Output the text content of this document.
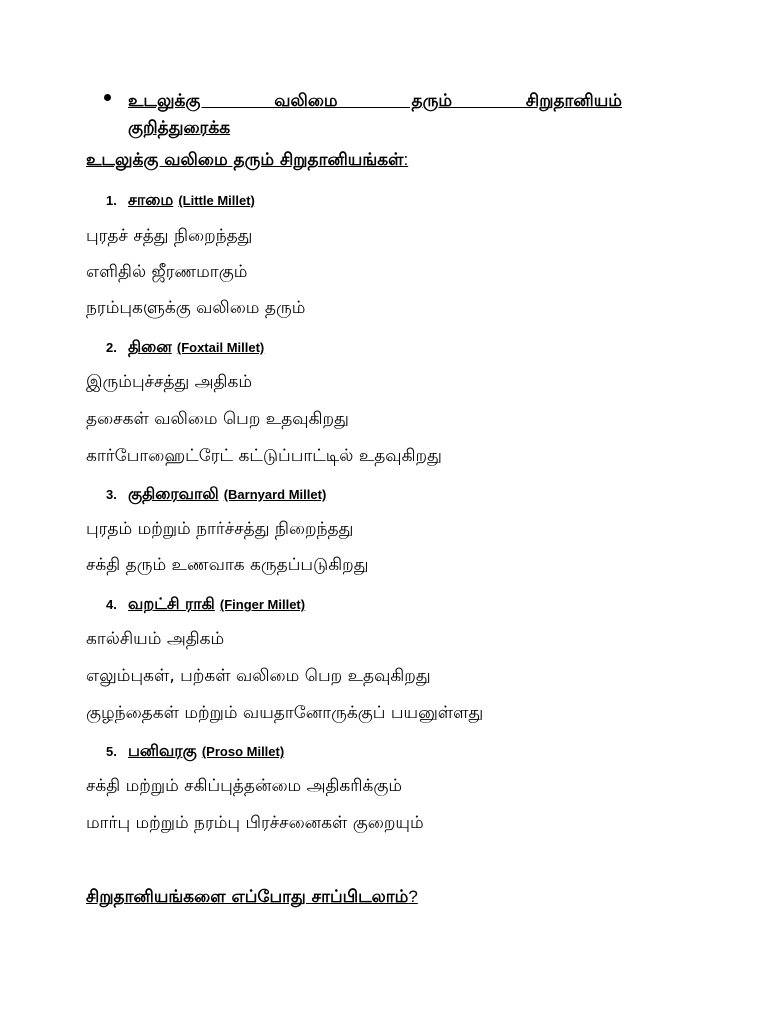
உடலுக்கு வலிமை தரும் சிறுதானியம்
குறித்துரைக்க
உடலுக்கு வலிமை தரும் சிறுதானியங்கள்:
1. சாமை (Little Millet)
புரதச் சத்து நிறைந்தது
எளிதில் ஜீரணமாகும்
நரம்புகளுக்கு வலிமை தரும்
2. தினை (Foxtail Millet)
இரும்புச்சத்து அதிகம்
தசைகள் வலிமை பெற உதவுகிறது
கார்போஹைட்ரேட் கட்டுப்பாட்டில் உதவுகிறது
3. குதிரைவாலி (Barnyard Millet)
புரதம் மற்றும் நார்ச்சத்து நிறைந்தது
சக்தி தரும் உணவாக கருதப்படுகிறது
4. வறட்சி ராகி (Finger Millet)
கால்சியம் அதிகம்
எலும்புகள், பற்கள் வலிமை பெற உதவுகிறது
குழந்தைகள் மற்றும் வயதானோருக்குப் பயனுள்ளது
5. பனிவரகு (Proso Millet)
சக்தி மற்றும் சகிப்புத்தன்மை அதிகரிக்கும்
மார்பு மற்றும் நரம்பு பிரச்சனைகள் குறையும்
சிறுதானியங்களை எப்போது சாப்பிடலாம்?
